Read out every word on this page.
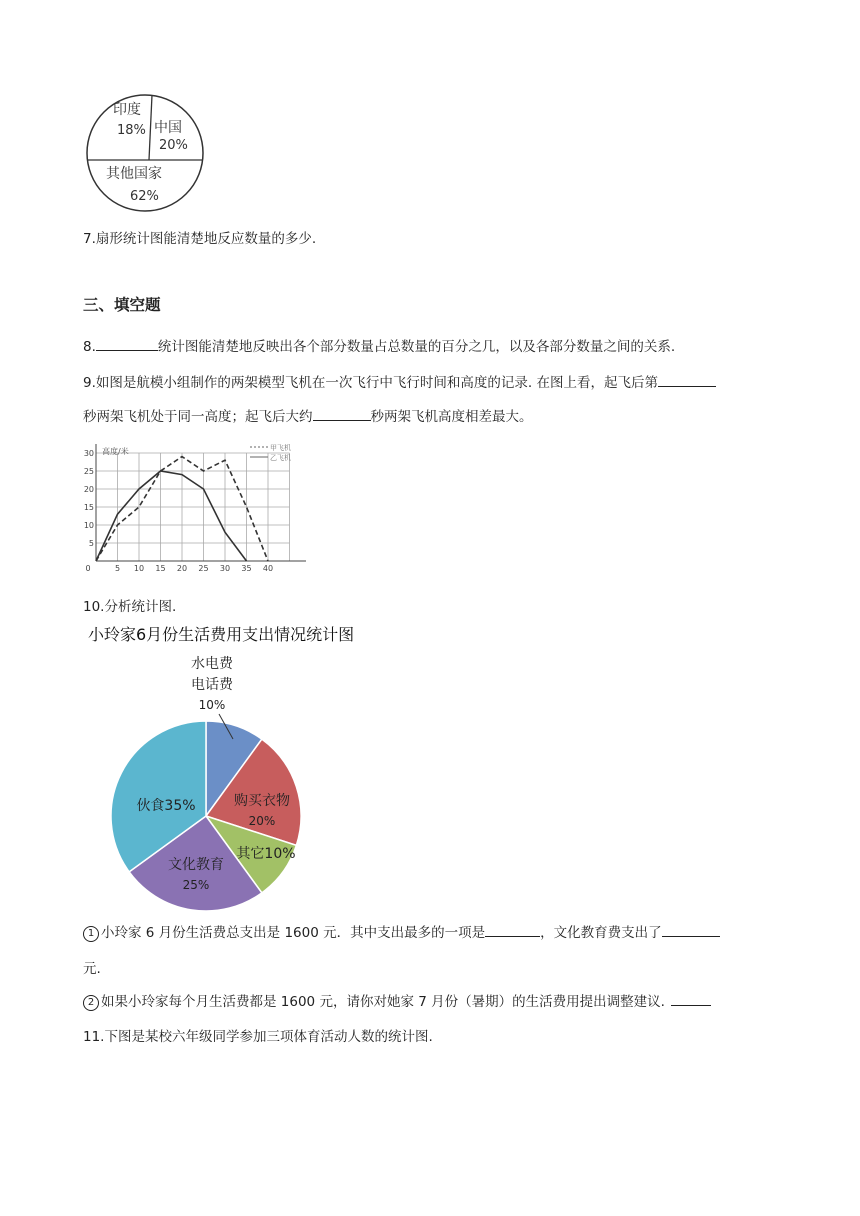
印度
18% 中国
20%
其他国家
62%
7.扇形统计图能清楚地反应数量的多少.
三、填空题
8.	统计图能清楚地反映出各个部分数量占总数量的百分之几，以及各部分数量之间的关系.
9.如图是航模小组制作的两架模型飞机在一次飞行中飞行时间和高度的记录. 在图上看，起飞后第
秒两架飞机处于同一高度；起飞后大约	秒两架飞机高度相差最大。
0	5 10 15 20 25 30 35 40
5
10
15
20
25
30 高度/米	甲飞机
乙飞机
10.分析统计图.
小玲家6月份生活费用支出情况统计图
水电费
电话费
10%
购买衣物
20%
其它10%
文化教育
25%
伙食35%
1 小玲家 6 月份生活费总支出是 1600 元．其中支出最多的一项是	，文化教育费支出了
元.
2 如果小玲家每个月生活费都是 1600 元，请你对她家 7 月份（暑期）的生活费用提出调整建议.
11.下图是某校六年级同学参加三项体育活动人数的统计图.
